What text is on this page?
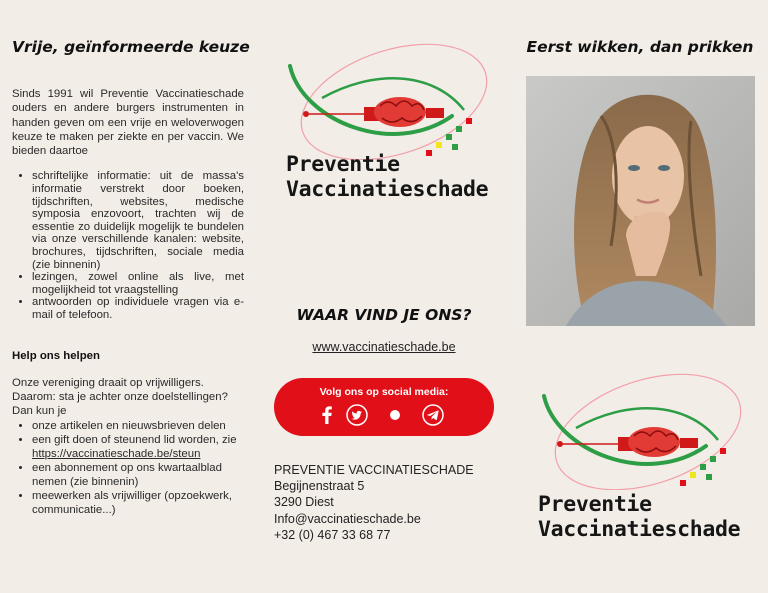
Vrije, geïnformeerde keuze

Sinds 1991 wil Preventie Vaccinatieschade ouders en andere burgers instrumenten in handen geven om een vrije en weloverwogen keuze te maken per ziekte en per vaccin. We bieden daartoe

• schriftelijke informatie: uit de massa's informatie verstrekt door boeken, tijdschriften, websites, medische symposia enzovoort, trachten wij de essentie zo duidelijk mogelijk te bundelen via onze verschillende kanalen: website, brochures, tijdschriften, sociale media (zie binnenin)
• lezingen, zowel online als live, met mogelijkheid tot vraagstelling
• antwoorden op individuele vragen via e-mail of telefoon.
Help ons helpen

Onze vereniging draait op vrijwilligers. Daarom: sta je achter onze doelstellingen? Dan kun je

• onze artikelen en nieuwsbrieven delen
• een gift doen of steunend lid worden, zie https://vaccinatieschade.be/steun
• een abonnement op ons kwartaalblad nemen (zie binnenin)
• meewerken als vrijwilliger (opzoekwerk, communicatie...)
Preventie
Vaccinatieschade
WAAR VIND JE ONS?
www.vaccinatieschade.be
Volg ons op social media:
PREVENTIE VACCINATIESCHADE
Begijnenstraat 5
3290 Diest
Info@vaccinatieschade.be
+32 (0) 467 33 68 77
Eerst wikken, dan prikken
Preventie
Vaccinatieschade
